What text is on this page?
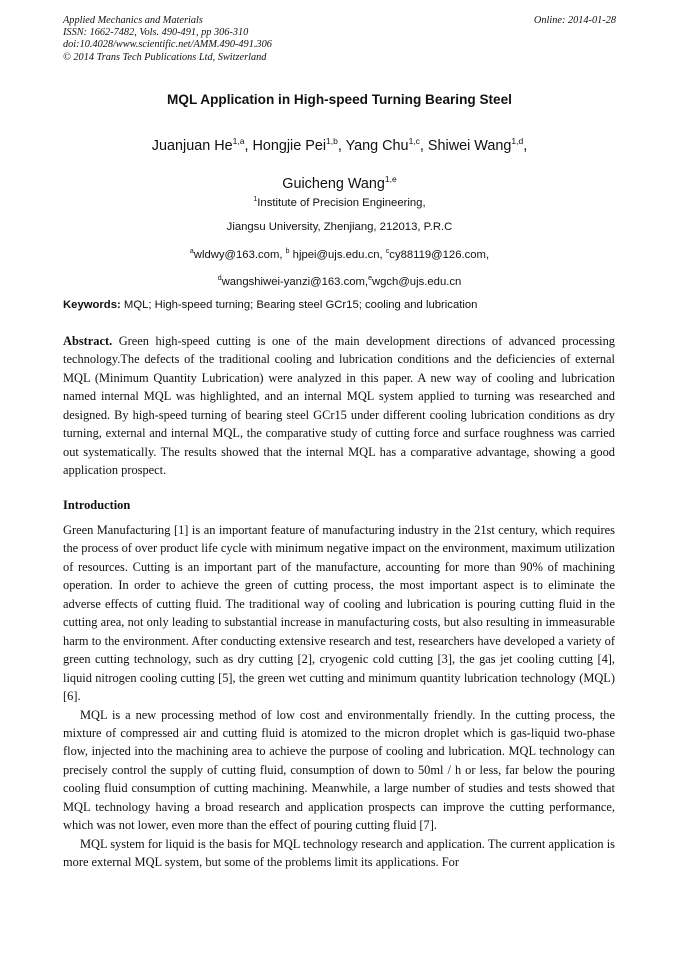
Applied Mechanics and Materials
ISSN: 1662-7482, Vols. 490-491, pp 306-310
doi:10.4028/www.scientific.net/AMM.490-491.306
© 2014 Trans Tech Publications Ltd, Switzerland
Online: 2014-01-28
MQL Application in High-speed Turning Bearing Steel
Juanjuan He$^{1,a}$, Hongjie Pei$^{1,b}$, Yang Chu$^{1,c}$, Shiwei Wang$^{1,d}$,
Guicheng Wang$^{1,e}$
$^1$Institute of Precision Engineering,
Jiangsu University, Zhenjiang, 212013, P.R.C
$^a$wldwy@163.com, $^b$ hjpei@ujs.edu.cn, $^c$cy88119@126.com,
$^d$wangshiwei-yanzi@163.com,$^e$wgch@ujs.edu.cn
Keywords: MQL; High-speed turning; Bearing steel GCr15; cooling and lubrication

Abstract. Green high-speed cutting is one of the main development directions of advanced processing technology.The defects of the traditional cooling and lubrication conditions and the deficiencies of external MQL (Minimum Quantity Lubrication) were analyzed in this paper. A new way of cooling and lubrication named internal MQL was highlighted, and an internal MQL system applied to turning was researched and designed. By high-speed turning of bearing steel GCr15 under different cooling lubrication conditions as dry turning, external and internal MQL, the comparative study of cutting force and surface roughness was carried out systematically. The results showed that the internal MQL has a comparative advantage, showing a good application prospect.

Introduction

Green Manufacturing [1] is an important feature of manufacturing industry in the 21st century, which requires the process of over product life cycle with minimum negative impact on the environment, maximum utilization of resources. Cutting is an important part of the manufacture, accounting for more than 90% of machining operation. In order to achieve the green of cutting process, the most important aspect is to eliminate the adverse effects of cutting fluid. The traditional way of cooling and lubrication is pouring cutting fluid in the cutting area, not only leading to substantial increase in manufacturing costs, but also resulting in immeasurable harm to the environment. After conducting extensive research and test, researchers have developed a variety of green cutting technology, such as dry cutting [2], cryogenic cold cutting [3], the gas jet cooling cutting [4], liquid nitrogen cooling cutting [5], the green wet cutting and minimum quantity lubrication technology (MQL) [6].

MQL is a new processing method of low cost and environmentally friendly. In the cutting process, the mixture of compressed air and cutting fluid is atomized to the micron droplet which is gas-liquid two-phase flow, injected into the machining area to achieve the purpose of cooling and lubrication. MQL technology can precisely control the supply of cutting fluid, consumption of down to 50ml / h or less, far below the pouring cooling fluid consumption of cutting machining. Meanwhile, a large number of studies and tests showed that MQL technology having a broad research and application prospects can improve the cutting performance, which was not lower, even more than the effect of pouring cutting fluid [7].

MQL system for liquid is the basis for MQL technology research and application. The current application is more external MQL system, but some of the problems limit its applications. For
